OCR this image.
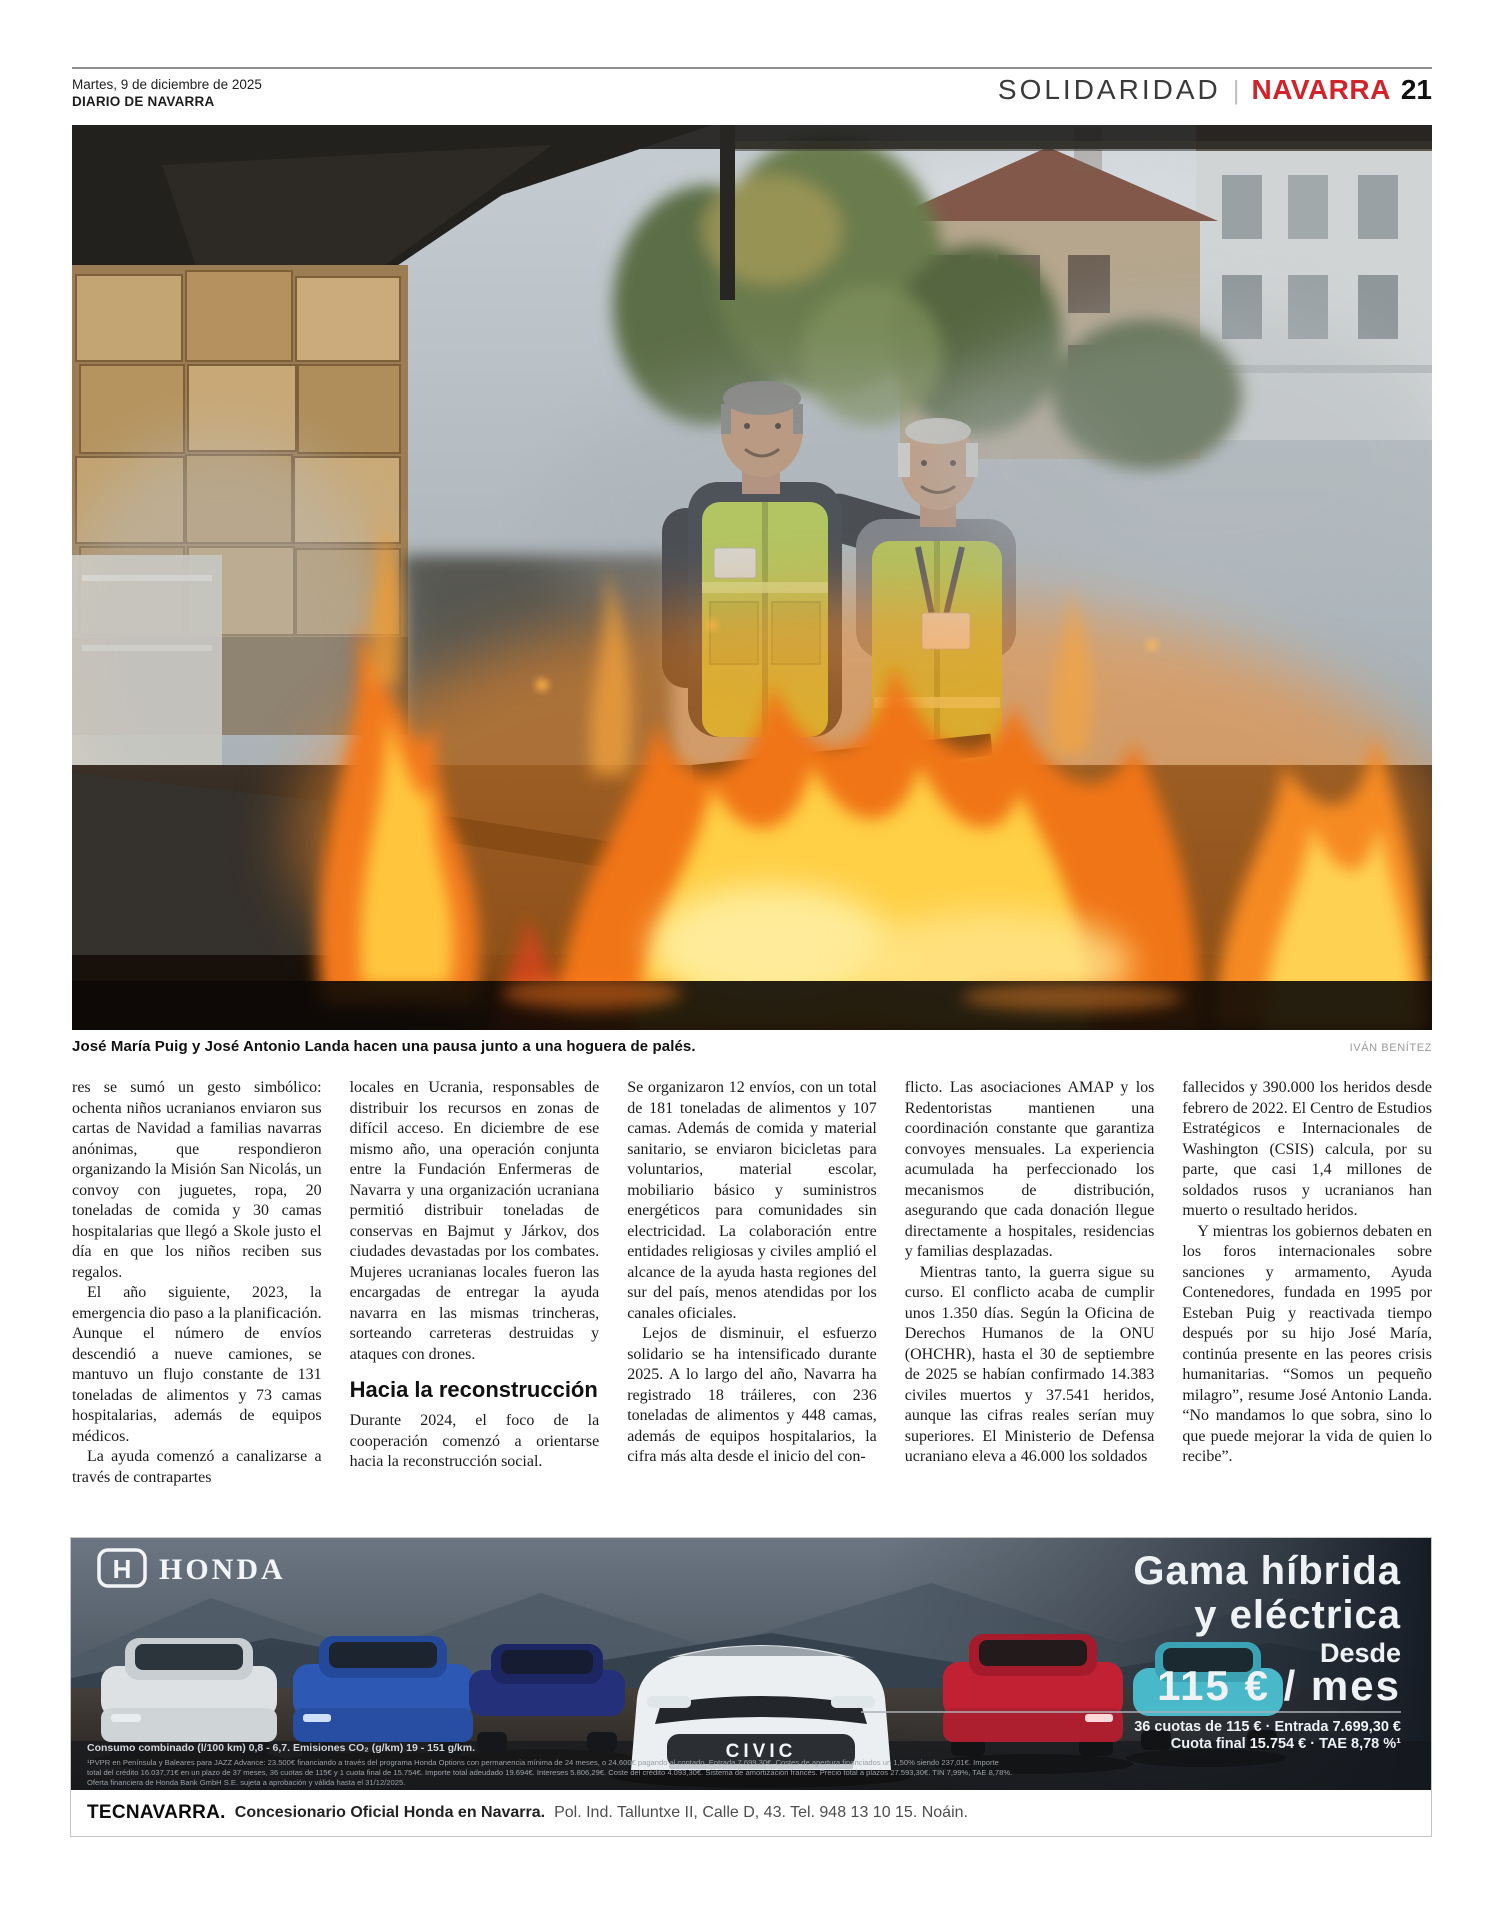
Martes, 9 de diciembre de 2025
DIARIO DE NAVARRA	SOLIDARIDAD | NAVARRA 21
José María Puig y José Antonio Landa hacen una pausa junto a una hoguera de palés.	IVÁN BENÍTEZ

res se sumó un gesto simbólico: ochenta niños ucranianos enviaron sus cartas de Navidad a familias navarras anónimas, que respondieron organizando la Misión San Nicolás, un convoy con juguetes, ropa, 20 toneladas de comida y 30 camas hospitalarias que llegó a Skole justo el día en que los niños reciben sus regalos.

El año siguiente, 2023, la emergencia dio paso a la planificación. Aunque el número de envíos descendió a nueve camiones, se mantuvo un flujo constante de 131 toneladas de alimentos y 73 camas hospitalarias, además de equipos médicos.

La ayuda comenzó a canalizarse a través de contrapartes

locales en Ucrania, responsables de distribuir los recursos en zonas de difícil acceso. En diciembre de ese mismo año, una operación conjunta entre la Fundación Enfermeras de Navarra y una organización ucraniana permitió distribuir toneladas de conservas en Bajmut y Járkov, dos ciudades devastadas por los combates. Mujeres ucranianas locales fueron las encargadas de entregar la ayuda navarra en las mismas trincheras, sorteando carreteras destruidas y ataques con drones.

Hacia la reconstrucción

Durante 2024, el foco de la cooperación comenzó a orientarse hacia la reconstrucción social.

Se organizaron 12 envíos, con un total de 181 toneladas de alimentos y 107 camas. Además de comida y material sanitario, se enviaron bicicletas para voluntarios, material escolar, mobiliario básico y suministros energéticos para comunidades sin electricidad. La colaboración entre entidades religiosas y civiles amplió el alcance de la ayuda hasta regiones del sur del país, menos atendidas por los canales oficiales.

Lejos de disminuir, el esfuerzo solidario se ha intensificado durante 2025. A lo largo del año, Navarra ha registrado 18 tráileres, con 236 toneladas de alimentos y 448 camas, además de equipos hospitalarios, la cifra más alta desde el inicio del con-

flicto. Las asociaciones AMAP y los Redentoristas mantienen una coordinación constante que garantiza convoyes mensuales. La experiencia acumulada ha perfeccionado los mecanismos de distribución, asegurando que cada donación llegue directamente a hospitales, residencias y familias desplazadas.

Mientras tanto, la guerra sigue su curso. El conflicto acaba de cumplir unos 1.350 días. Según la Oficina de Derechos Humanos de la ONU (OHCHR), hasta el 30 de septiembre de 2025 se habían confirmado 14.383 civiles muertos y 37.541 heridos, aunque las cifras reales serían muy superiores. El Ministerio de Defensa ucraniano eleva a 46.000 los soldados

fallecidos y 390.000 los heridos desde febrero de 2022. El Centro de Estudios Estratégicos e Internacionales de Washington (CSIS) calcula, por su parte, que casi 1,4 millones de soldados rusos y ucranianos han muerto o resultado heridos.

Y mientras los gobiernos debaten en los foros internacionales sobre sanciones y armamento, Ayuda Contenedores, fundada en 1995 por Esteban Puig y reactivada tiempo después por su hijo José María, continúa presente en las peores crisis humanitarias. “Somos un pequeño milagro”, resume José Antonio Landa. “No mandamos lo que sobra, sino lo que puede mejorar la vida de quien lo recibe”.

CIVIC
H HONDA	Gama híbrida
y eléctrica
Desde
115 € / mes
36 cuotas de 115 € · Entrada 7.699,30 €
Cuota final 15.754 € · TAE 8,78 %¹
Consumo combinado (l/100 km) 0,8 - 6,7. Emisiones CO₂ (g/km) 19 - 151 g/km.
¹PVPR en Península y Baleares para JAZZ Advance: 23.500€ financiando a través del programa Honda Options con permanencia mínima de 24 meses, o 24.600€ pagando al contado. Entrada 7.699,30€. Costes de apertura financiados un 1,50% siendo 237,01€. Importe
total del crédito 16.037,71€ en un plazo de 37 meses, 36 cuotas de 115€ y 1 cuota final de 15.754€. Importe total adeudado 19.694€. Intereses 5.806,29€. Coste del crédito 4.093,30€. Sistema de amortización francés. Precio total a plazos 27.593,30€. TIN 7,99%, TAE 8,78%.
Oferta financiera de Honda Bank GmbH S.E. sujeta a aprobación y válida hasta el 31/12/2025.
TECNAVARRA. Concesionario Oficial Honda en Navarra. Pol. Ind. Talluntxe II, Calle D, 43. Tel. 948 13 10 15. Noáin.
